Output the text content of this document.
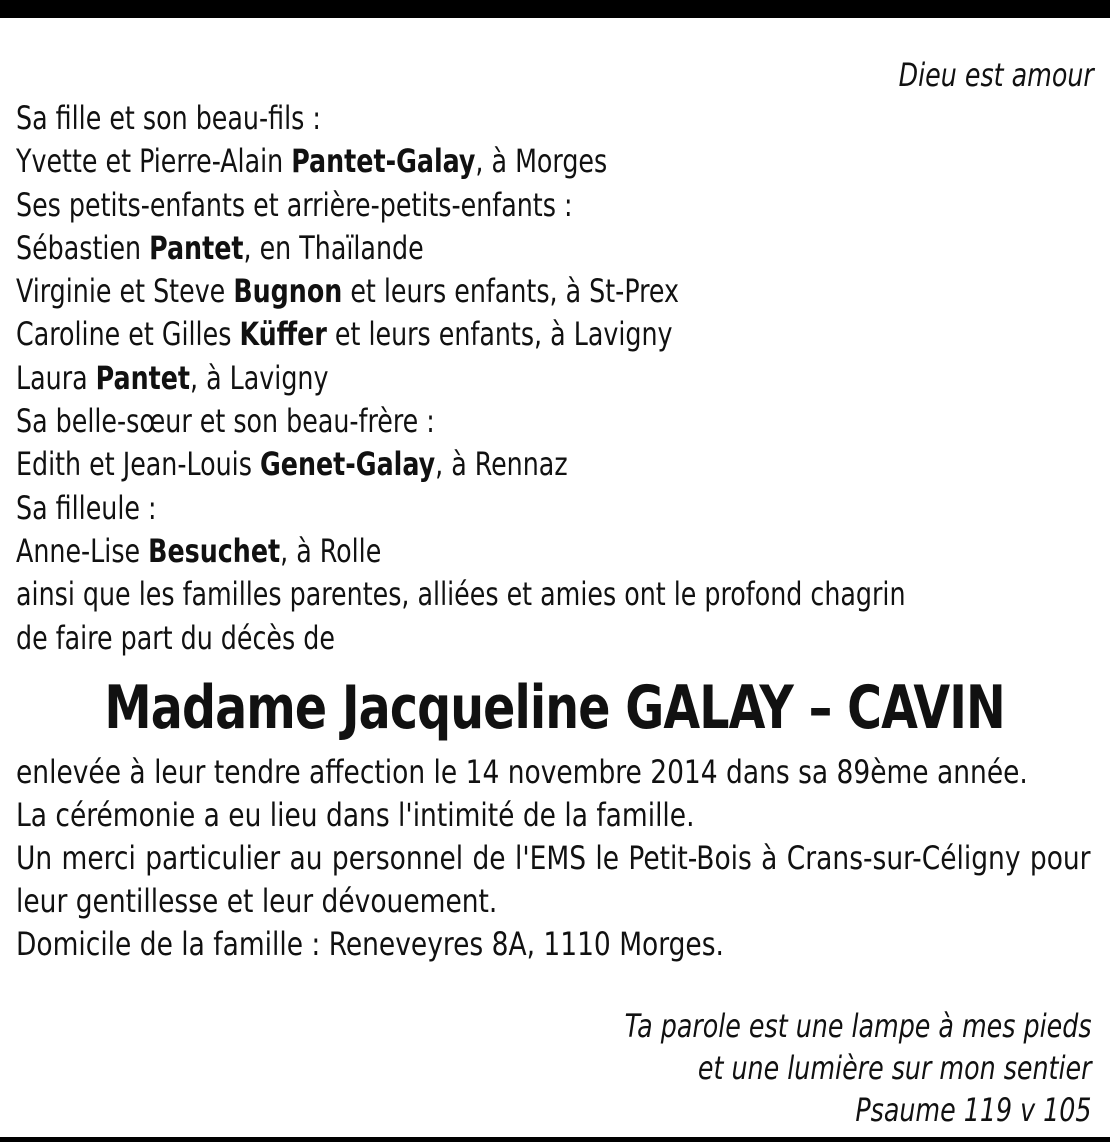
Dieu est amour
Sa fille et son beau-fils :
Yvette et Pierre-Alain Pantet-Galay, à Morges
Ses petits-enfants et arrière-petits-enfants :
Sébastien Pantet, en Thaïlande
Virginie et Steve Bugnon et leurs enfants, à St-Prex
Caroline et Gilles Küffer et leurs enfants, à Lavigny
Laura Pantet, à Lavigny
Sa belle-sœur et son beau-frère :
Edith et Jean-Louis Genet-Galay, à Rennaz
Sa filleule :
Anne-Lise Besuchet, à Rolle
ainsi que les familles parentes, alliées et amies ont le profond chagrin
de faire part du décès de
Madame Jacqueline GALAY – CAVIN
enlevée à leur tendre affection le 14 novembre 2014 dans sa 89ème année.
La cérémonie a eu lieu dans l'intimité de la famille.
Un merci particulier au personnel de l'EMS le Petit-Bois à Crans-sur-Céligny pour leur gentillesse et leur dévouement.
Domicile de la famille : Reneveyres 8A, 1110 Morges.
Ta parole est une lampe à mes pieds
et une lumière sur mon sentier
Psaume 119 v 105
